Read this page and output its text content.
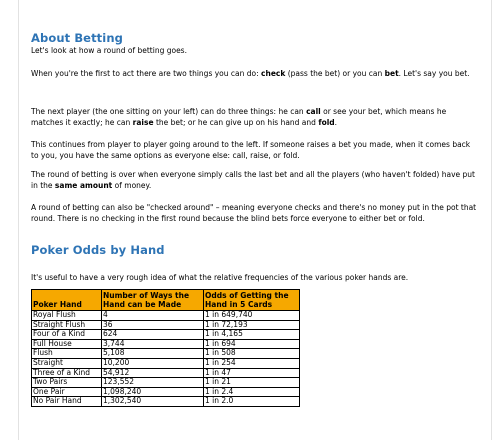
About Betting

Let's look at how a round of betting goes.

When you're the first to act there are two things you can do: check (pass the bet) or you can bet. Let's say you bet.

The next player (the one sitting on your left) can do three things: he can call or see your bet, which means he matches it exactly; he can raise the bet; or he can give up on his hand and fold.

This continues from player to player going around to the left. If someone raises a bet you made, when it comes back to you, you have the same options as everyone else: call, raise, or fold.

The round of betting is over when everyone simply calls the last bet and all the players (who haven't folded) have put in the same amount of money.

A round of betting can also be "checked around" – meaning everyone checks and there's no money put in the pot that round. There is no checking in the first round because the blind bets force everyone to either bet or fold.

Poker Odds by Hand

It's useful to have a very rough idea of what the relative frequencies of the various poker hands are.

Poker Hand	Number of Ways the Hand can be Made	Odds of Getting the Hand in 5 Cards
Royal Flush	4	1 in 649,740
Straight Flush	36	1 in 72,193
Four of a Kind	624	1 in 4,165
Full House	3,744	1 in 694
Flush	5,108	1 in 508
Straight	10,200	1 in 254
Three of a Kind	54,912	1 in 47
Two Pairs	123,552	1 in 21
One Pair	1,098,240	1 in 2.4
No Pair Hand	1,302,540	1 in 2.0
